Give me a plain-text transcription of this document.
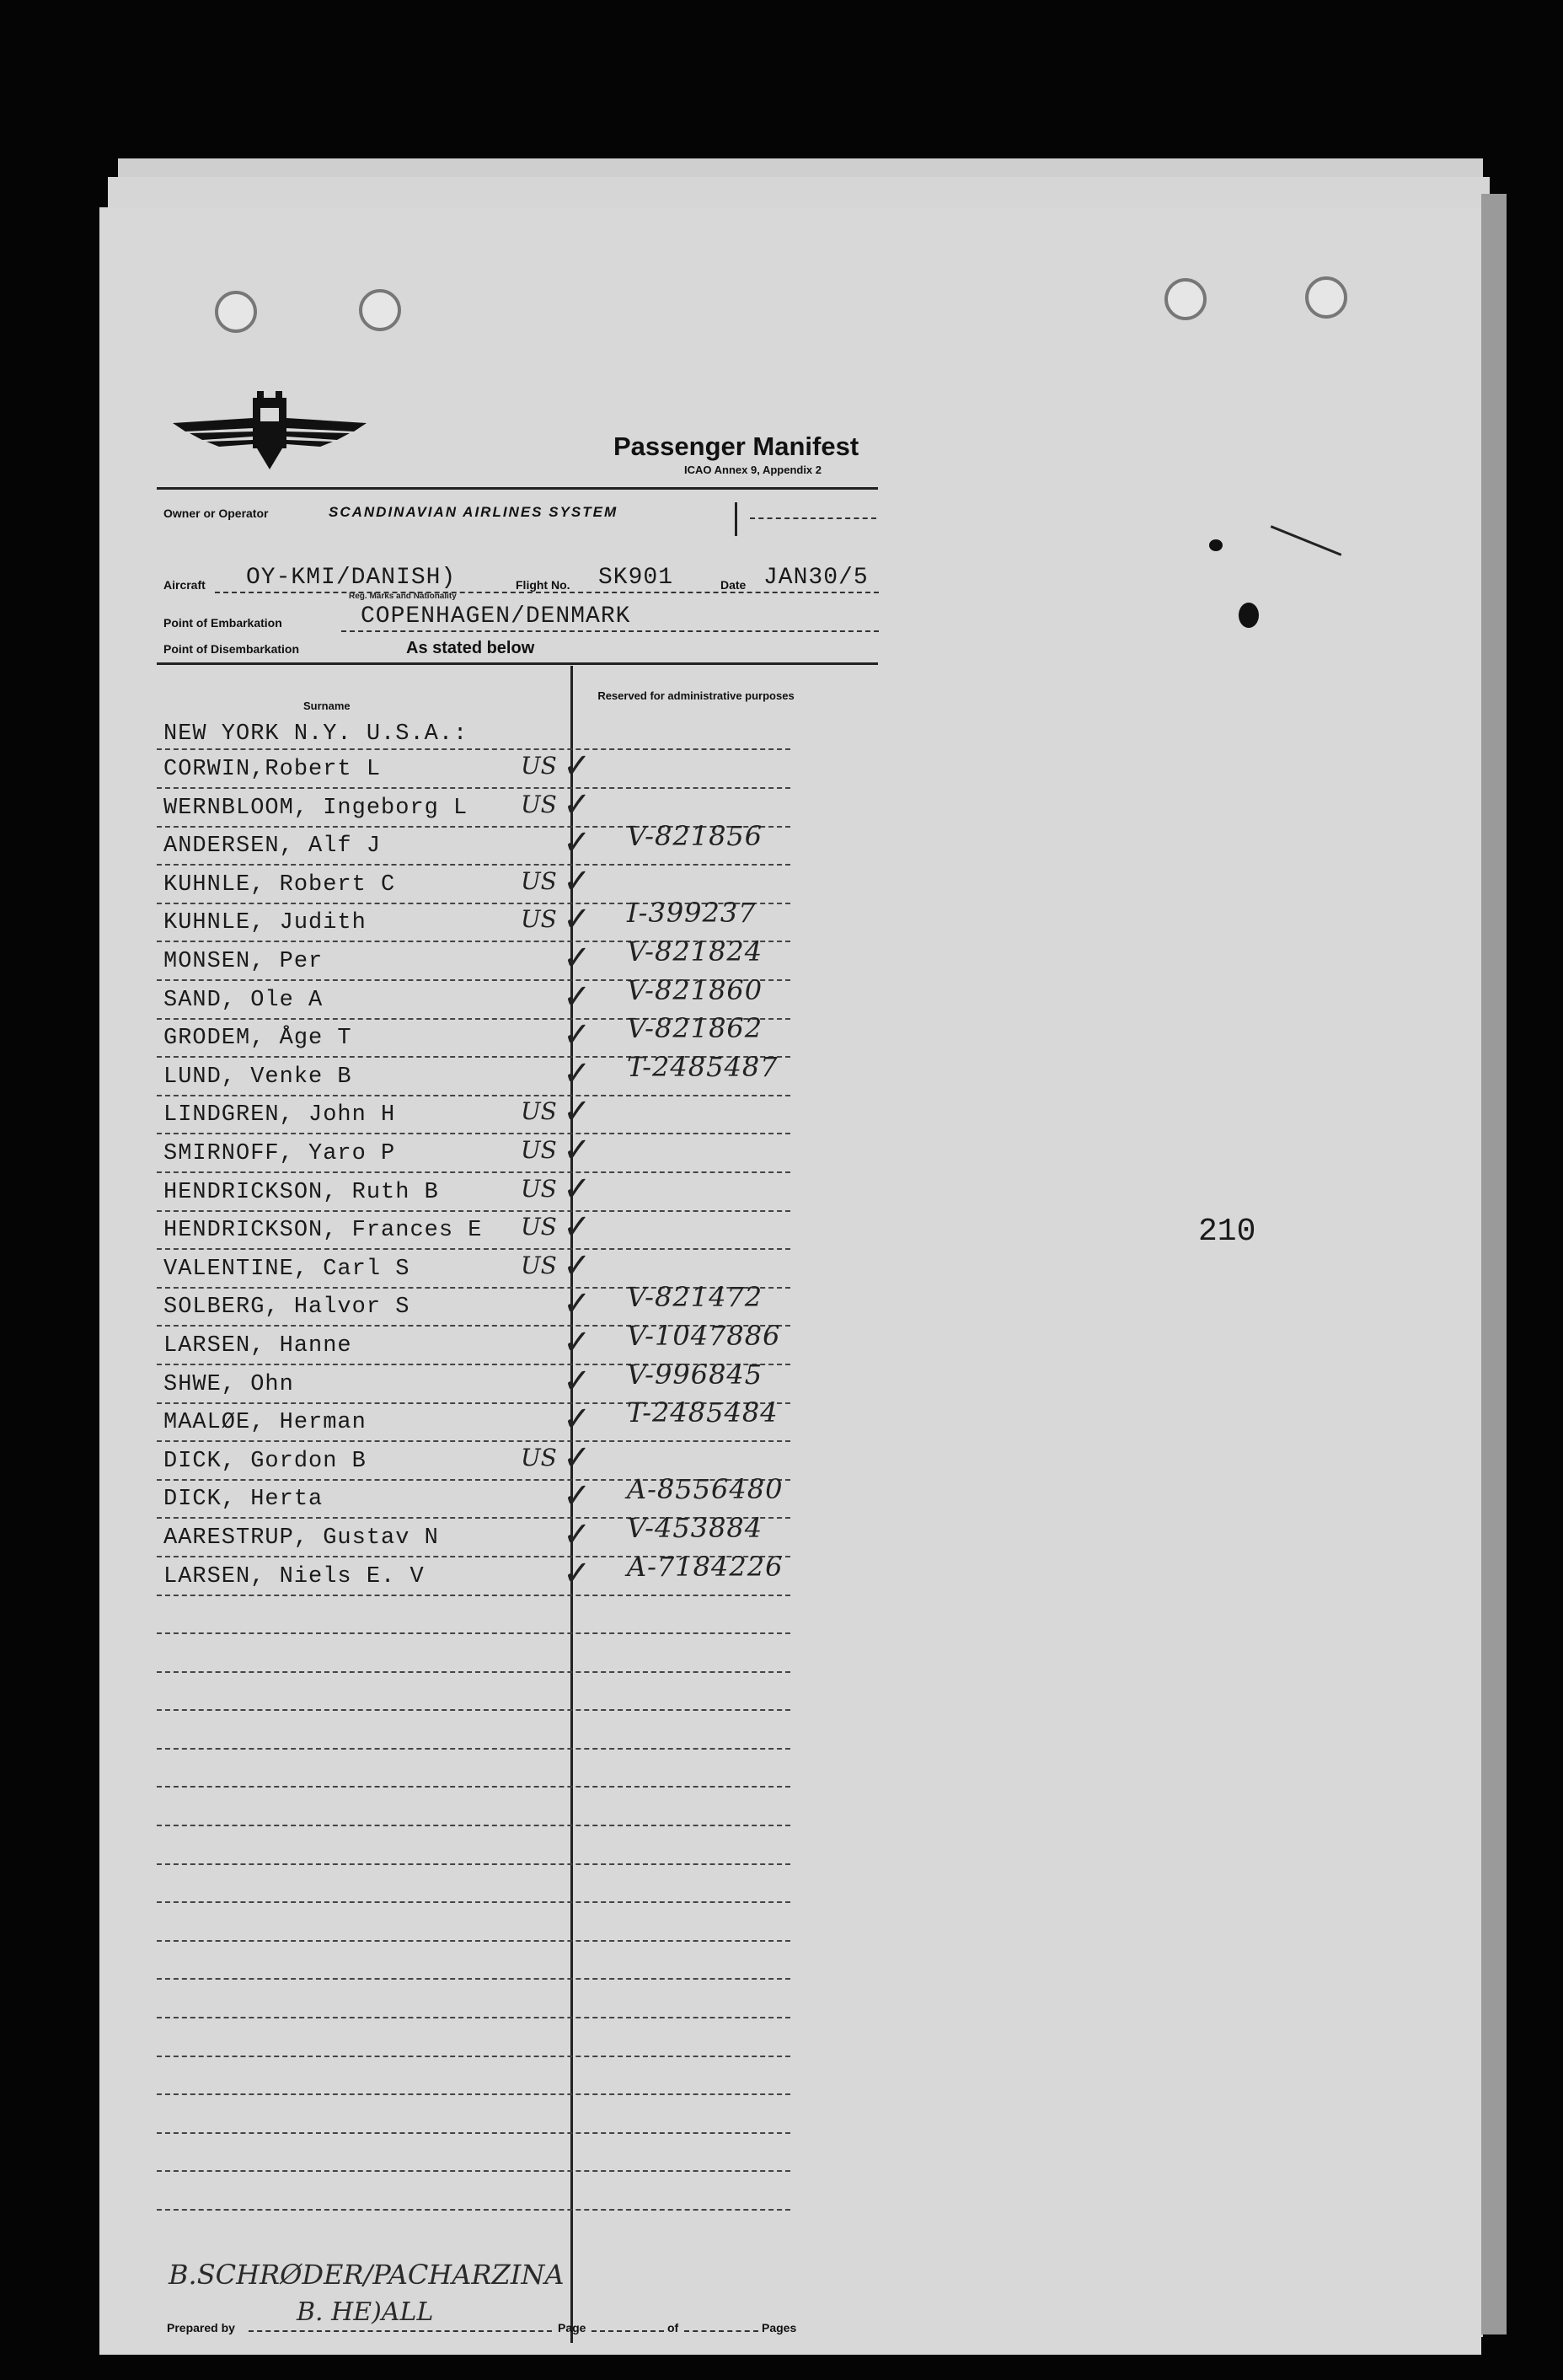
Passenger Manifest
ICAO Annex 9, Appendix 2
Owner or Operator	SCANDINAVIAN AIRLINES SYSTEM
Aircraft OY-KMI/DANISH)
Reg. Marks and Nationality
Flight No. SK901	Date JAN30/5
Point of Embarkation	COPENHAGEN/DENMARK
Point of Disembarkation	As stated below
Surname
Reserved for administrative purposes
NEW YORK N.Y. U.S.A.:
CORWIN,Robert L	US ✓
WERNBLOOM, Ingeborg L US ✓
ANDERSEN, Alf J	✓ V-821856
KUHNLE, Robert C	US ✓
KUHNLE, Judith	US ✓ I-399237
MONSEN, Per	✓ V-821824
SAND, Ole A	✓ V-821860
GRODEM, Åge T	✓ V-821862
LUND, Venke B	✓ T-2485487
LINDGREN, John H	US ✓
SMIRNOFF, Yaro P	US ✓
HENDRICKSON, Ruth B	US ✓
HENDRICKSON, Frances E US ✓
VALENTINE, Carl S	US ✓
SOLBERG, Halvor S	✓ V-821472
LARSEN, Hanne	✓ V-1047886
SHWE, Ohn	✓ V-996845
MAALØE, Herman	✓ T-2485484
DICK, Gordon B	US ✓
DICK, Herta	✓ A-8556480
AARESTRUP, Gustav N	✓ V-453884
LARSEN, Niels E. V	✓ A-7184226
210
B.SCHRØDER/PACHARZINA
B. HE)ALL
Prepared by	Page	of	Pages
